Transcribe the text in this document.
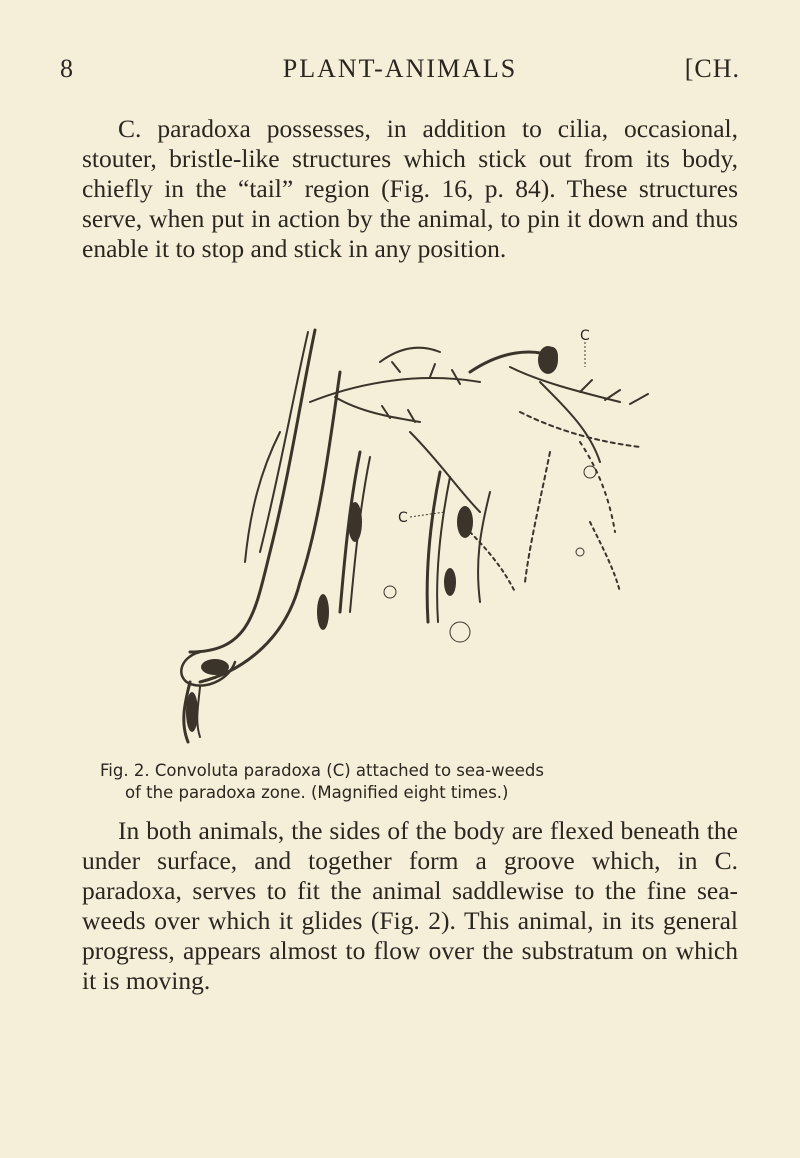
8	PLANT-ANIMALS	[CH.

C. paradoxa possesses, in addition to cilia, occasional, stouter, bristle-like structures which stick out from its body, chiefly in the “tail” region (Fig. 16, p. 84). These structures serve, when put in action by the animal, to pin it down and thus enable it to stop and stick in any position.

C
C
Fig. 2. Convoluta paradoxa (C) attached to sea-weeds
of the paradoxa zone. (Magnified eight times.)

In both animals, the sides of the body are flexed beneath the under surface, and together form a groove which, in C. paradoxa, serves to fit the animal saddlewise to the fine sea-weeds over which it glides (Fig. 2). This animal, in its general progress, appears almost to flow over the substratum on which it is moving.
